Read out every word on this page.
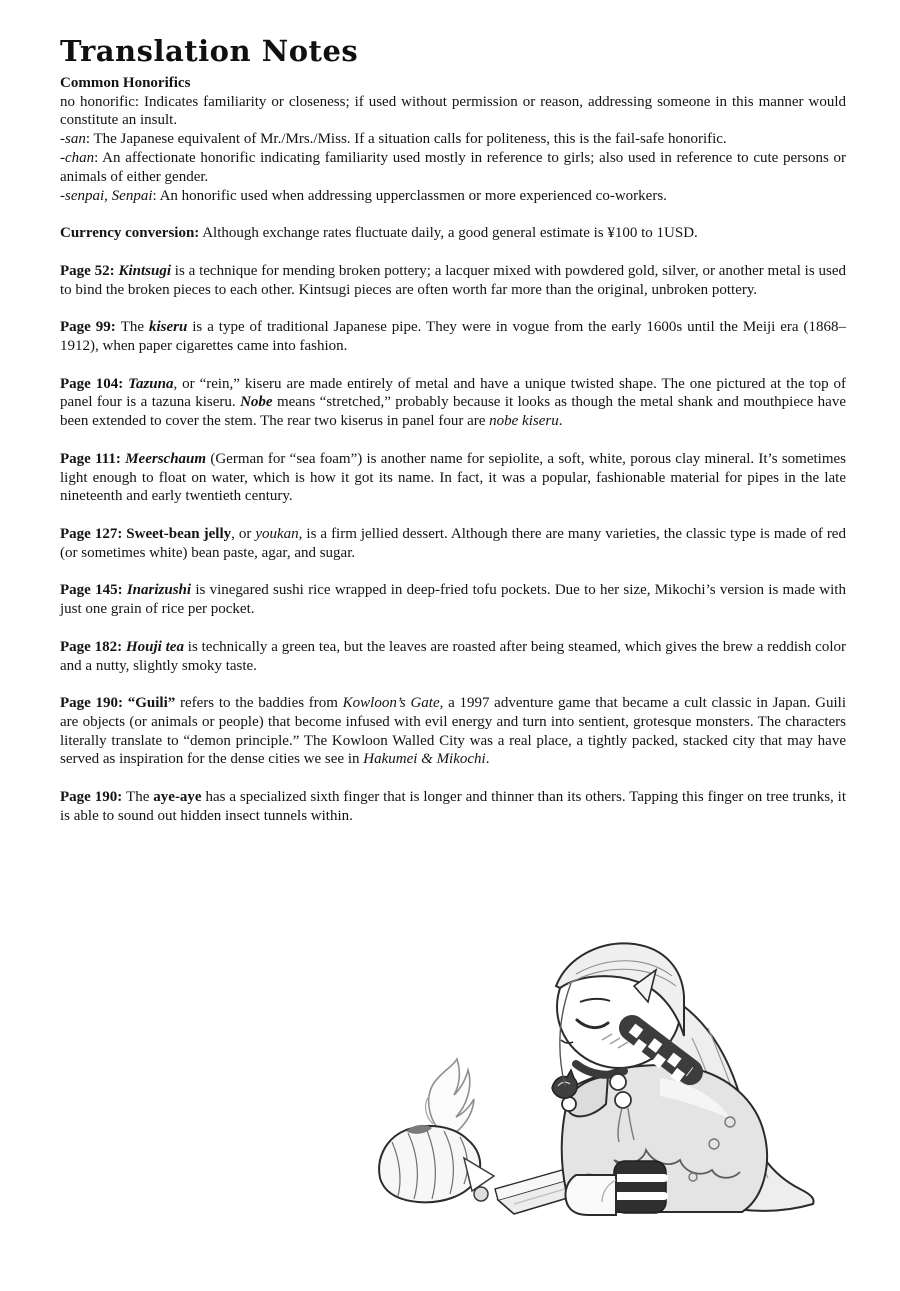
Translation Notes

Common Honorifics

no honorific: Indicates familiarity or closeness; if used without permission or reason, addressing someone in this manner would constitute an insult.

-san: The Japanese equivalent of Mr./Mrs./Miss. If a situation calls for politeness, this is the fail-safe honorific.

-chan: An affectionate honorific indicating familiarity used mostly in reference to girls; also used in reference to cute persons or animals of either gender.

-senpai, Senpai: An honorific used when addressing upperclassmen or more experienced co-workers.

Currency conversion: Although exchange rates fluctuate daily, a good general estimate is ¥100 to 1USD.

Page 52: Kintsugi is a technique for mending broken pottery; a lacquer mixed with powdered gold, silver, or another metal is used to bind the broken pieces to each other. Kintsugi pieces are often worth far more than the original, unbroken pottery.

Page 99: The kiseru is a type of traditional Japanese pipe. They were in vogue from the early 1600s until the Meiji era (1868–1912), when paper cigarettes came into fashion.

Page 104: Tazuna, or “rein,” kiseru are made entirely of metal and have a unique twisted shape. The one pictured at the top of panel four is a tazuna kiseru. Nobe means “stretched,” probably because it looks as though the metal shank and mouthpiece have been extended to cover the stem. The rear two kiserus in panel four are nobe kiseru.

Page 111: Meerschaum (German for “sea foam”) is another name for sepiolite, a soft, white, porous clay mineral. It’s sometimes light enough to float on water, which is how it got its name. In fact, it was a popular, fashionable material for pipes in the late nineteenth and early twentieth century.

Page 127: Sweet-bean jelly, or youkan, is a firm jellied dessert. Although there are many varieties, the classic type is made of red (or sometimes white) bean paste, agar, and sugar.

Page 145: Inarizushi is vinegared sushi rice wrapped in deep-fried tofu pockets. Due to her size, Mikochi’s version is made with just one grain of rice per pocket.

Page 182: Houji tea is technically a green tea, but the leaves are roasted after being steamed, which gives the brew a reddish color and a nutty, slightly smoky taste.

Page 190: “Guili” refers to the baddies from Kowloon’s Gate, a 1997 adventure game that became a cult classic in Japan. Guili are objects (or animals or people) that become infused with evil energy and turn into sentient, grotesque monsters. The characters literally translate to “demon principle.” The Kowloon Walled City was a real place, a tightly packed, stacked city that may have served as inspiration for the dense cities we see in Hakumei & Mikochi.

Page 190: The aye-aye has a specialized sixth finger that is longer and thinner than its others. Tapping this finger on tree trunks, it is able to sound out hidden insect tunnels within.
